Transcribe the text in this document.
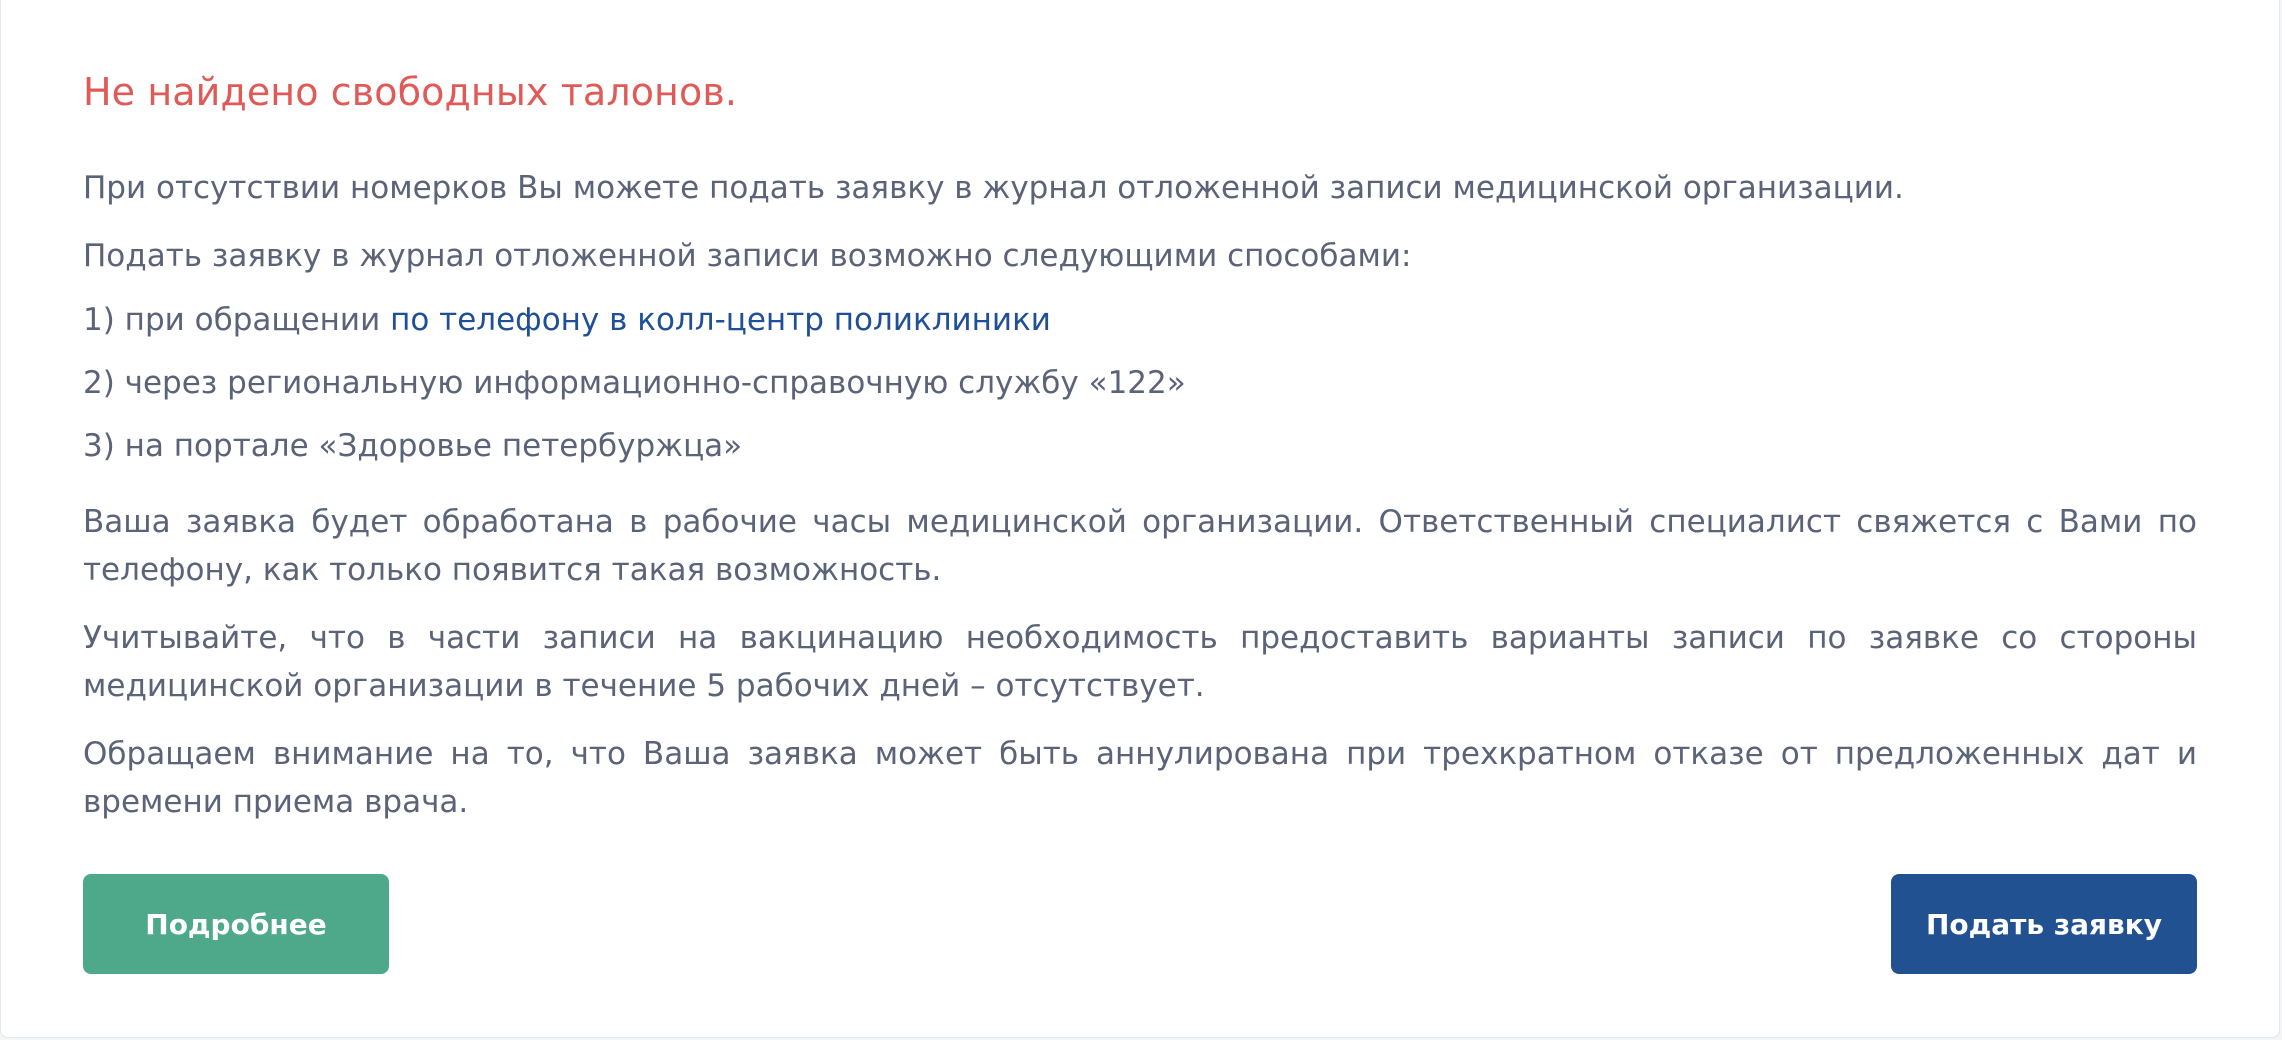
Не найдено свободных талонов.

При отсутствии номерков Вы можете подать заявку в журнал отложенной записи медицинской организации.

Подать заявку в журнал отложенной записи возможно следующими способами:

1) при обращении по телефону в колл-центр поликлиники

2) через региональную информационно-справочную службу «122»

3) на портале «Здоровье петербуржца»

Ваша заявка будет обработана в рабочие часы медицинской организации. Ответственный специалист свяжется с Вами по телефону, как только появится такая возможность.

Учитывайте, что в части записи на вакцинацию необходимость предоставить варианты записи по заявке со стороны медицинской организации в течение 5 рабочих дней – отсутствует.

Обращаем внимание на то, что Ваша заявка может быть аннулирована при трехкратном отказе от предложенных дат и времени приема врача.

Подробнее	Подать заявку
